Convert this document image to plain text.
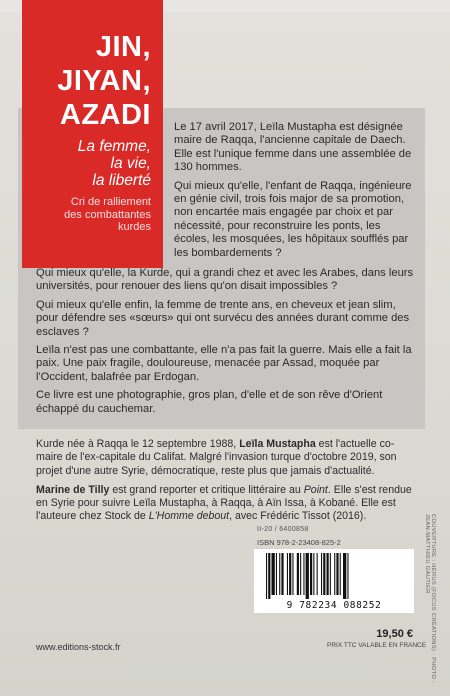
JIN,
JIYAN,
AZADI
La femme,
la vie,
la liberté
Cri de ralliement
des combattantes
kurdes

Le 17 avril 2017, Leïla Mustapha est désignée maire de Raqqa, l'ancienne capitale de Daech. Elle est l'unique femme dans une assemblée de 130 hommes.

Qui mieux qu'elle, l'enfant de Raqqa, ingénieure en génie civil, trois fois major de sa promotion, non encartée mais engagée par choix et par nécessité, pour reconstruire les ponts, les écoles, les mosquées, les hôpitaux soufflés par les bombardements ?

Qui mieux qu'elle, la Kurde, qui a grandi chez et avec les Arabes, dans leurs universités, pour renouer des liens qu'on disait impossibles ?

Qui mieux qu'elle enfin, la femme de trente ans, en cheveux et jean slim, pour défendre ses «sœurs» qui ont survécu des années durant comme des esclaves ?

Leïla n'est pas une combattante, elle n'a pas fait la guerre. Mais elle a fait la paix. Une paix fragile, douloureuse, menacée par Assad, moquée par l'Occident, balafrée par Erdogan.

Ce livre est une photographie, gros plan, d'elle et de son rêve d'Orient échappé du cauchemar.

Kurde née à Raqqa le 12 septembre 1988, Leïla Mustapha est l'actuelle co-maire de l'ex-capitale du Califat. Malgré l'invasion turque d'octobre 2019, son projet d'une autre Syrie, démocratique, reste plus que jamais d'actualité.

Marine de Tilly est grand reporter et critique littéraire au Point. Elle s'est rendue en Syrie pour suivre Leïla Mustapha, à Raqqa, à Aïn Issa, à Kobané. Elle est l'auteure chez Stock de L'Homme debout, avec Frédéric Tissot (2016).

II-20 / 6400858
ISBN 978-2-23408-825-2
9 782234 088252
19,50 €
PRIX TTC VALABLE EN FRANCE COUVERTURE : HÉRUS (FOCUS CRÉATIONS) · PHOTO : JEAN-MATTHIEU GAUTIER
www.editions-stock.fr
